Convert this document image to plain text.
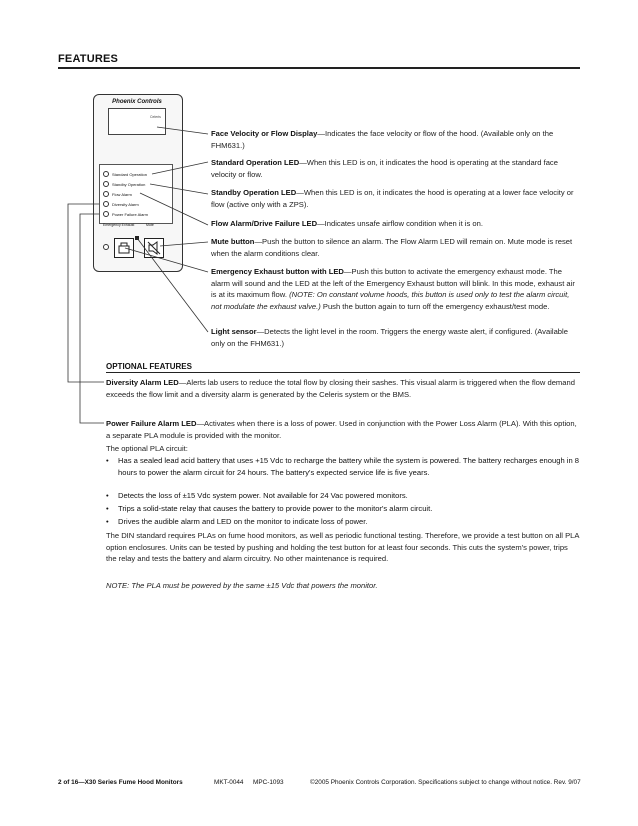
FEATURES
Phoenix Controls
Celeris
Standard Operation
Standby Operation
Flow Alarm
Diversity Alarm
Power Failure Alarm
Emergency Exhaust	Mute
Face Velocity or Flow Display—Indicates the face velocity or flow of the hood. (Available only on the FHM631.)
Standard Operation LED—When this LED is on, it indicates the hood is operating at the standard face velocity or flow.
Standby Operation LED—When this LED is on, it indicates the hood is operating at a lower face velocity or flow (active only with a ZPS).
Flow Alarm/Drive Failure LED—Indicates unsafe airflow condition when it is on.
Mute button—Push the button to silence an alarm. The Flow Alarm LED will remain on. Mute mode is reset when the alarm conditions clear.
Emergency Exhaust button with LED—Push this button to activate the emergency exhaust mode. The alarm will sound and the LED at the left of the Emergency Exhaust button will blink. In this mode, exhaust air is at its maximum flow. (NOTE: On constant volume hoods, this button is used only to test the alarm circuit, not modulate the exhaust valve.) Push the button again to turn off the emergency exhaust/test mode.
Light sensor—Detects the light level in the room. Triggers the energy waste alert, if configured. (Available only on the FHM631.)
OPTIONAL FEATURES
Diversity Alarm LED—Alerts lab users to reduce the total flow by closing their sashes. This visual alarm is triggered when the flow demand exceeds the flow limit and a diversity alarm is generated by the Celeris system or the BMS.
Power Failure Alarm LED—Activates when there is a loss of power. Used in conjunction with the Power Loss Alarm (PLA). With this option, a separate PLA module is provided with the monitor.
The optional PLA circuit:
• Has a sealed lead acid battery that uses +15 Vdc to recharge the battery while the system is powered. The battery recharges enough in 8 hours to power the alarm circuit for 24 hours. The battery's expected service life is five years.
• Detects the loss of ±15 Vdc system power. Not available for 24 Vac powered monitors.
• Trips a solid-state relay that causes the battery to provide power to the monitor's alarm circuit.
• Drives the audible alarm and LED on the monitor to indicate loss of power.
The DIN standard requires PLAs on fume hood monitors, as well as periodic functional testing. Therefore, we provide a test button on all PLA option enclosures. Units can be tested by pushing and holding the test button for at least four seconds. This cuts the system's power, trips the relay and tests the battery and alarm circuitry. No other maintenance is required.
NOTE: The PLA must be powered by the same ±15 Vdc that powers the monitor.
2 of 16—X30 Series Fume Hood Monitors	MKT-0044 MPC-1093	©2005 Phoenix Controls Corporation. Specifications subject to change without notice. Rev. 9/07
